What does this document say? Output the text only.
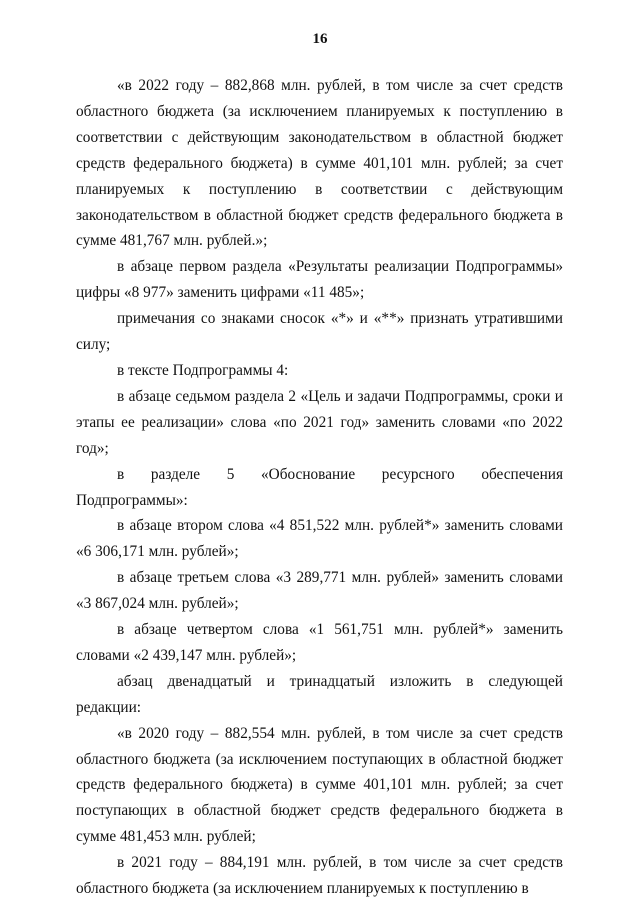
16

«в 2022 году – 882,868 млн. рублей, в том числе за счет средств областного бюджета (за исключением планируемых к поступлению в соответствии с действующим законодательством в областной бюджет средств федерального бюджета) в сумме 401,101 млн. рублей; за счет планируемых к поступлению в соответствии с действующим законодательством в областной бюджет средств федерального бюджета в сумме 481,767 млн. рублей.»;

в абзаце первом раздела «Результаты реализации Подпрограммы» цифры «8 977» заменить цифрами «11 485»;

примечания со знаками сносок «*» и «**» признать утратившими силу;

в тексте Подпрограммы 4:

в абзаце седьмом раздела 2 «Цель и задачи Подпрограммы, сроки и этапы ее реализации» слова «по 2021 год» заменить словами «по 2022 год»;

в разделе 5 «Обоснование ресурсного обеспечения Подпрограммы»:

в абзаце втором слова «4 851,522 млн. рублей*» заменить словами «6 306,171 млн. рублей»;

в абзаце третьем слова «3 289,771 млн. рублей» заменить словами «3 867,024 млн. рублей»;

в абзаце четвертом слова «1 561,751 млн. рублей*» заменить словами «2 439,147 млн. рублей»;

абзац двенадцатый и тринадцатый изложить в следующей редакции:

«в 2020 году – 882,554 млн. рублей, в том числе за счет средств областного бюджета (за исключением поступающих в областной бюджет средств федерального бюджета) в сумме 401,101 млн. рублей; за счет поступающих в областной бюджет средств федерального бюджета в сумме 481,453 млн. рублей;

в 2021 году – 884,191 млн. рублей, в том числе за счет средств областного бюджета (за исключением планируемых к поступлению в
